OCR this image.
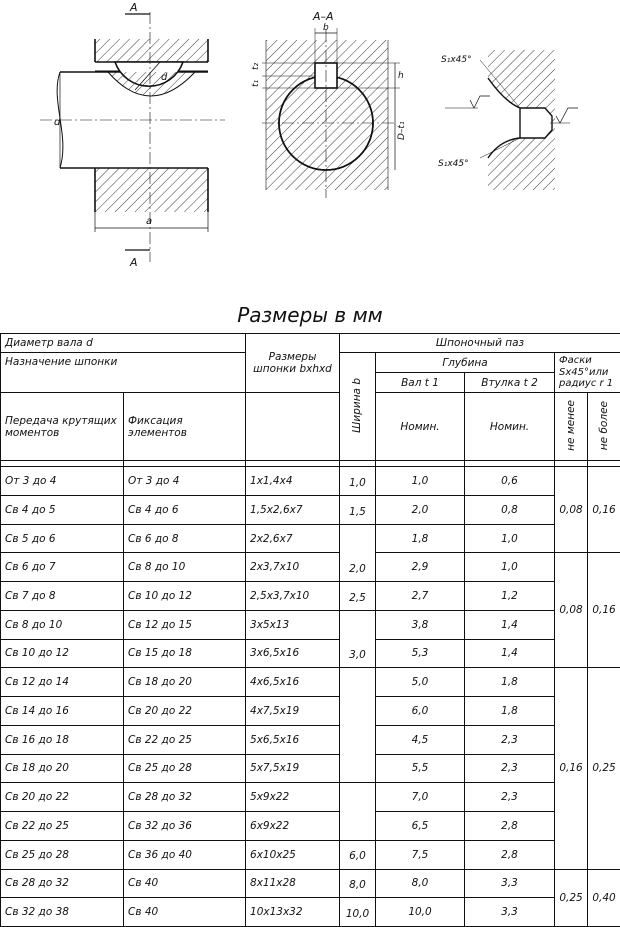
A
A
d
d
a
A–A
b
h
t₁
t₂
D–t₁
S₁x45°
S₁x45°
Размеры в мм
Диаметр вала d		Размеры шпонки bxhxd	Шпоночный паз				
Назначение шпонки			Ширина b	Глубина		Фаски Sx45°или радиус r 1	
				Вал t 1	Втулка t 2		
Передача крутящих моментов	Фиксация элементов			Номин.	Номин.	не менее	не более

От 3 до 4	От 3 до 4	1x1,4x4	1,0	1,0	0,6	0,08	0,16
Св 4 до 5	Св 4 до 6	1,5x2,6x7	1,5	2,0	0,8		
Св 5 до 6	Св 6 до 8	2x2,6x7	2,0	1,8	1,0		
Св 6 до 7	Св 8 до 10	2x3,7x10		2,9	1,0	0,08	0,16
Св 7 до 8	Св 10 до 12	2,5x3,7x10	2,5	2,7	1,2		
Св 8 до 10	Св 12 до 15	3x5x13	3,0	3,8	1,4		
Св 10 до 12	Св 15 до 18	3x6,5x16		5,3	1,4		
Св 12 до 14	Св 18 до 20	4x6,5x16		5,0	1,8	0,16	0,25
Св 14 до 16	Св 20 до 22	4x7,5x19		6,0	1,8		
Св 16 до 18	Св 22 до 25	5x6,5x16		4,5	2,3		
Св 18 до 20	Св 25 до 28	5x7,5x19		5,5	2,3		
Св 20 до 22	Св 28 до 32	5x9x22		7,0	2,3		
Св 22 до 25	Св 32 до 36	6x9x22		6,5	2,8		
Св 25 до 28	Св 36 до 40	6x10x25	6,0	7,5	2,8		
Св 28 до 32	Св 40	8x11x28	8,0	8,0	3,3	0,25	0,40
Св 32 до 38	Св 40	10x13x32	10,0	10,0	3,3		
